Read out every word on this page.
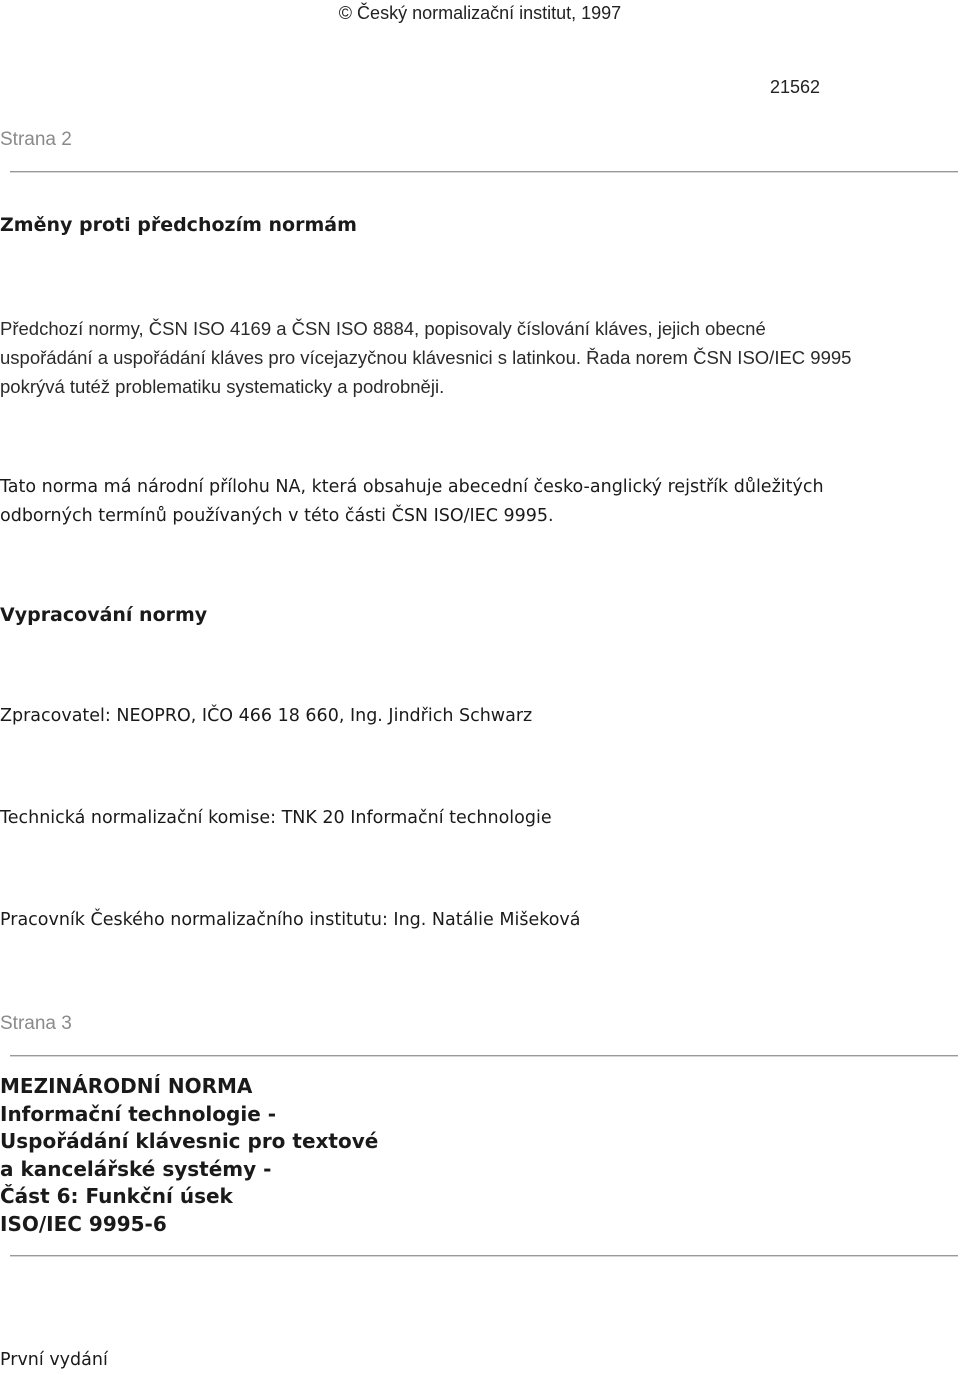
© Český normalizační institut, 1997
21562
Strana 2
Změny proti předchozím normám
Předchozí normy, ČSN ISO 4169 a ČSN ISO 8884, popisovaly číslování kláves, jejich obecné
uspořádání a uspořádání kláves pro vícejazyčnou klávesnici s latinkou. Řada norem ČSN ISO/IEC 9995
pokrývá tutéž problematiku systematicky a podrobněji.
Tato norma má národní přílohu NA, která obsahuje abecední česko-anglický rejstřík důležitých
odborných termínů používaných v této části ČSN ISO/IEC 9995.
Vypracování normy
Zpracovatel: NEOPRO, IČO 466 18 660, Ing. Jindřich Schwarz
Technická normalizační komise: TNK 20 Informační technologie
Pracovník Českého normalizačního institutu: Ing. Natálie Mišeková
Strana 3
MEZINÁRODNÍ NORMA
Informační technologie -
Uspořádání klávesnic pro textové
a kancelářské systémy -
Část 6: Funkční úsek
ISO/IEC 9995-6
První vydání
